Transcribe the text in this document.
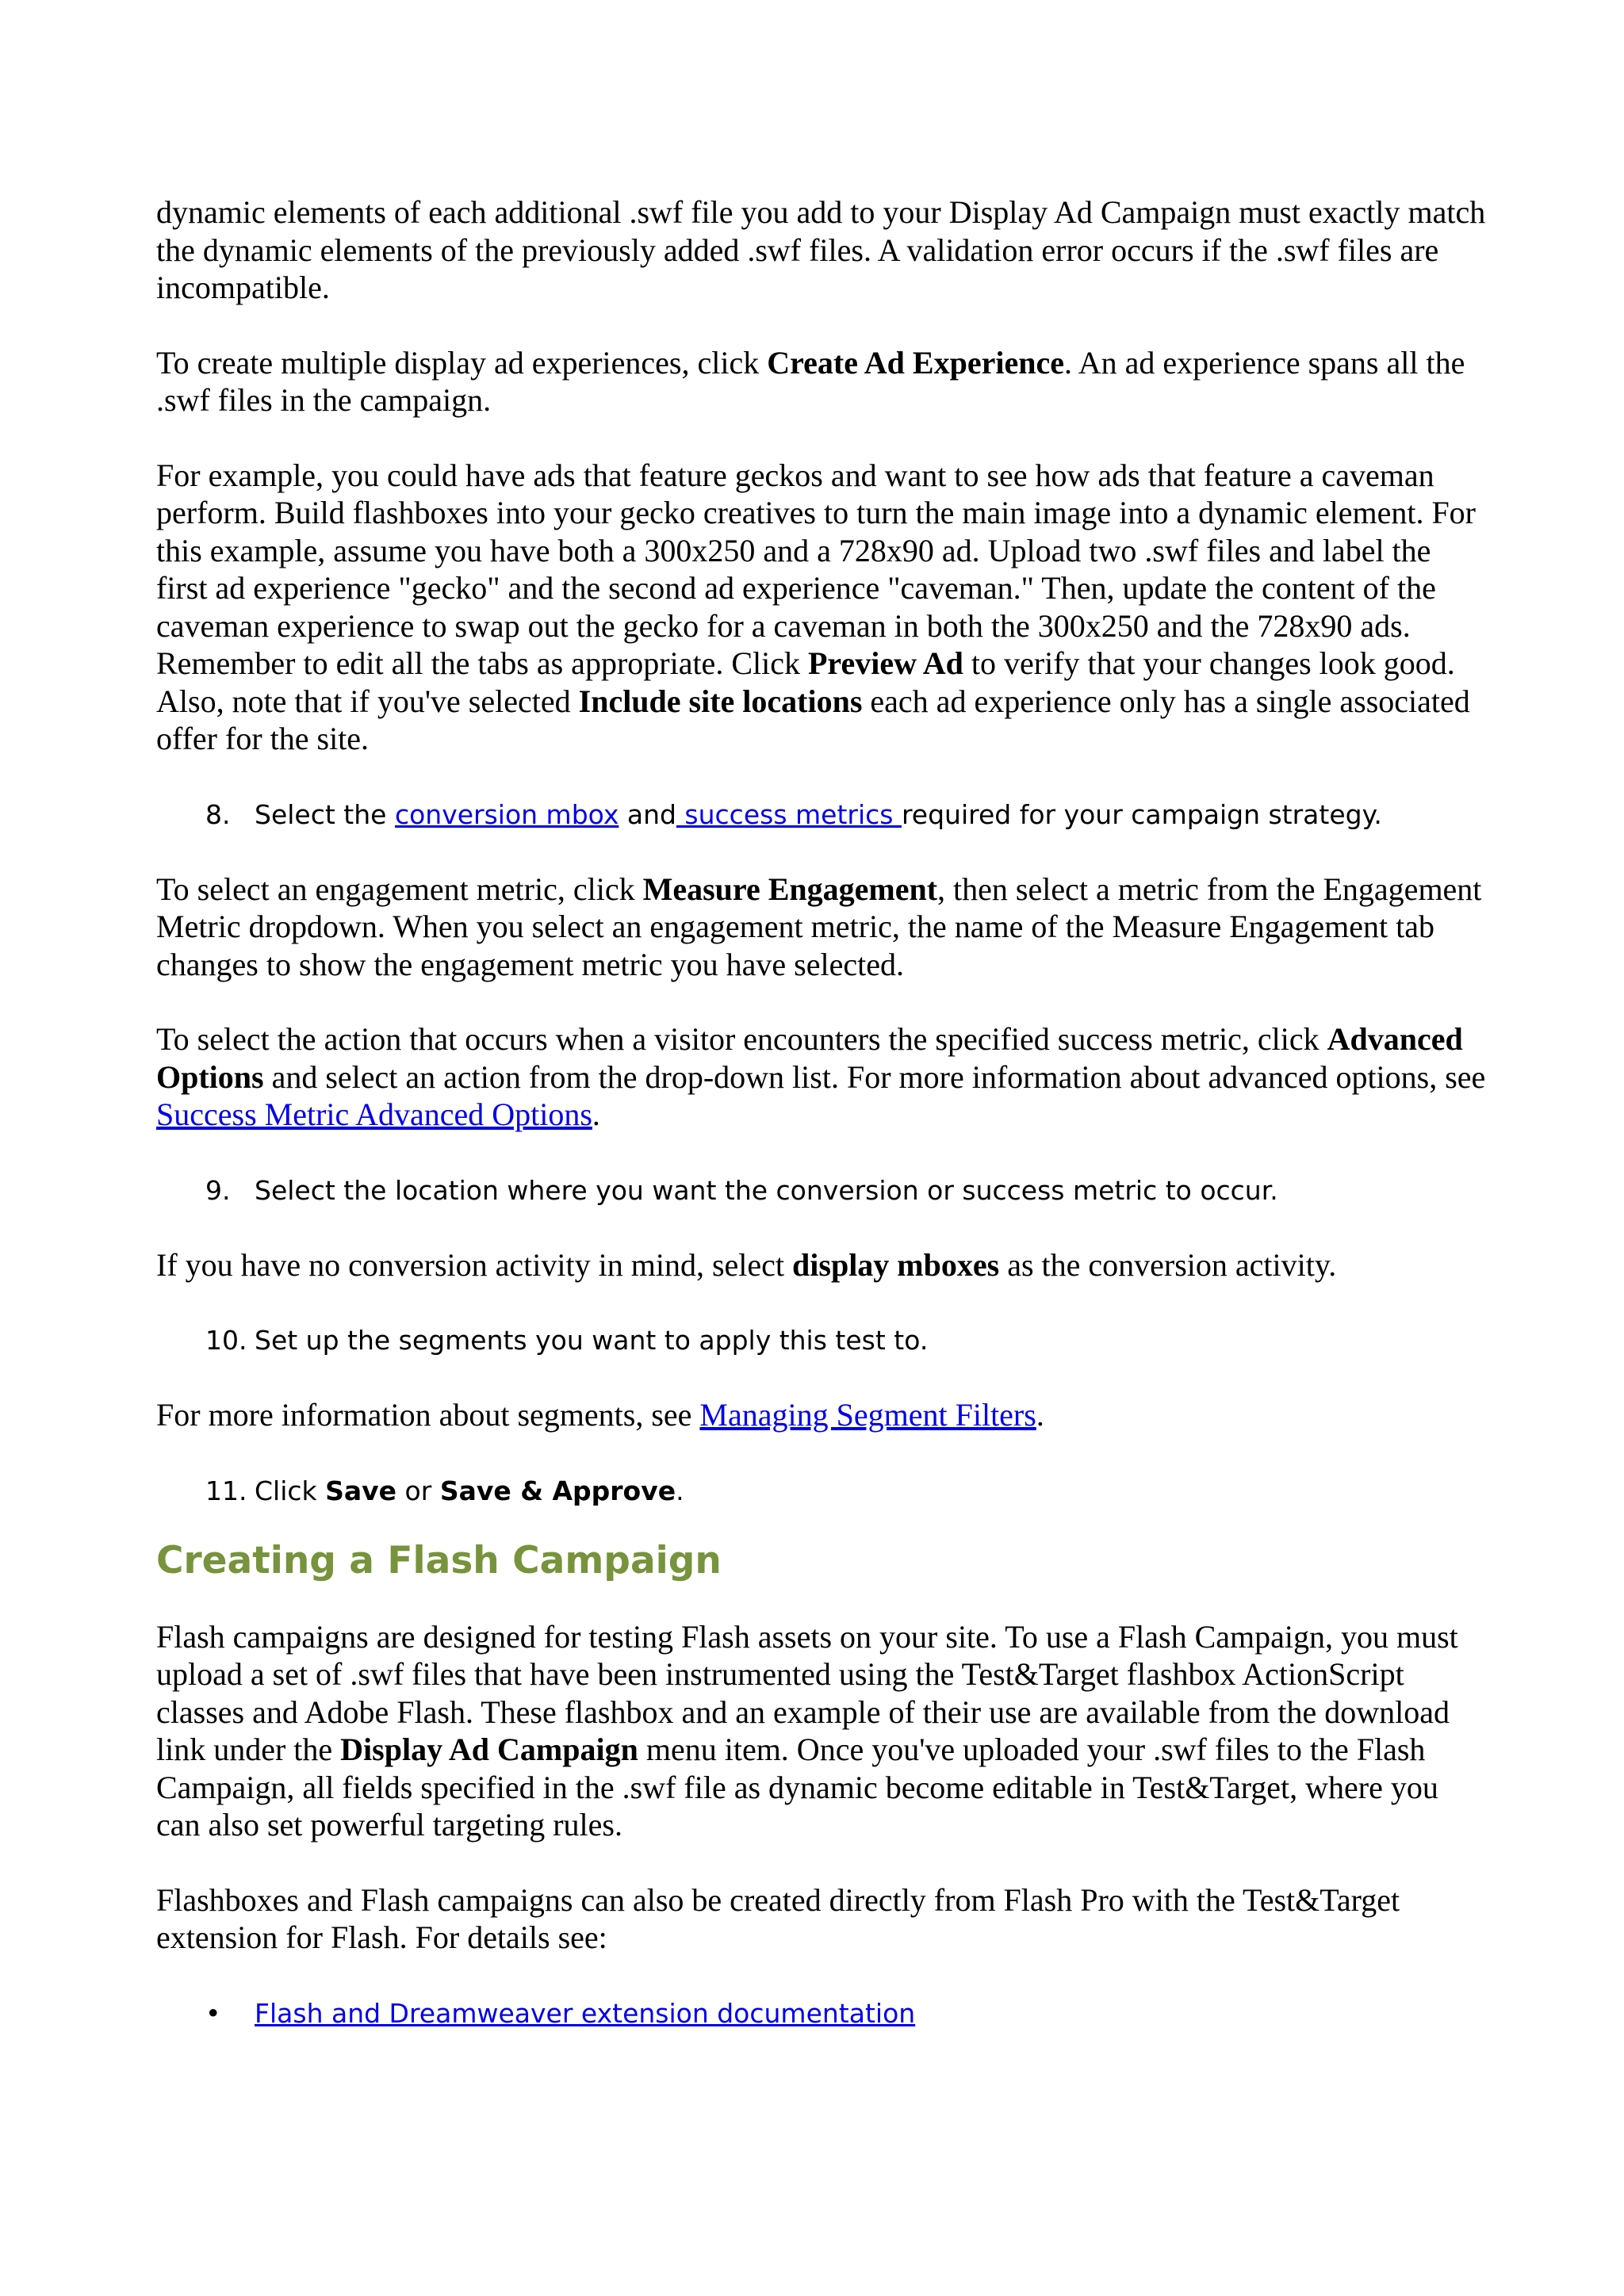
dynamic elements of each additional .swf file you add to your Display Ad Campaign must exactly match the dynamic elements of the previously added .swf files. A validation error occurs if the .swf files are incompatible.

To create multiple display ad experiences, click Create Ad Experience. An ad experience spans all the .swf files in the campaign.

For example, you could have ads that feature geckos and want to see how ads that feature a caveman perform. Build flashboxes into your gecko creatives to turn the main image into a dynamic element. For this example, assume you have both a 300x250 and a 728x90 ad. Upload two .swf files and label the first ad experience "gecko" and the second ad experience "caveman." Then, update the content of the caveman experience to swap out the gecko for a caveman in both the 300x250 and the 728x90 ads. Remember to edit all the tabs as appropriate. Click Preview Ad to verify that your changes look good. Also, note that if you've selected Include site locations each ad experience only has a single associated offer for the site.

8. Select the conversion mbox and success metrics required for your campaign strategy.

To select an engagement metric, click Measure Engagement, then select a metric from the Engagement Metric dropdown. When you select an engagement metric, the name of the Measure Engagement tab changes to show the engagement metric you have selected.

To select the action that occurs when a visitor encounters the specified success metric, click Advanced Options and select an action from the drop-down list. For more information about advanced options, see Success Metric Advanced Options.

9. Select the location where you want the conversion or success metric to occur.

If you have no conversion activity in mind, select display mboxes as the conversion activity.

10. Set up the segments you want to apply this test to.

For more information about segments, see Managing Segment Filters.

11. Click Save or Save & Approve.

Creating a Flash Campaign

Flash campaigns are designed for testing Flash assets on your site. To use a Flash Campaign, you must upload a set of .swf files that have been instrumented using the Test&Target flashbox ActionScript classes and Adobe Flash. These flashbox and an example of their use are available from the download link under the Display Ad Campaign menu item. Once you've uploaded your .swf files to the Flash Campaign, all fields specified in the .swf file as dynamic become editable in Test&Target, where you can also set powerful targeting rules.

Flashboxes and Flash campaigns can also be created directly from Flash Pro with the Test&Target extension for Flash. For details see:

• Flash and Dreamweaver extension documentation
